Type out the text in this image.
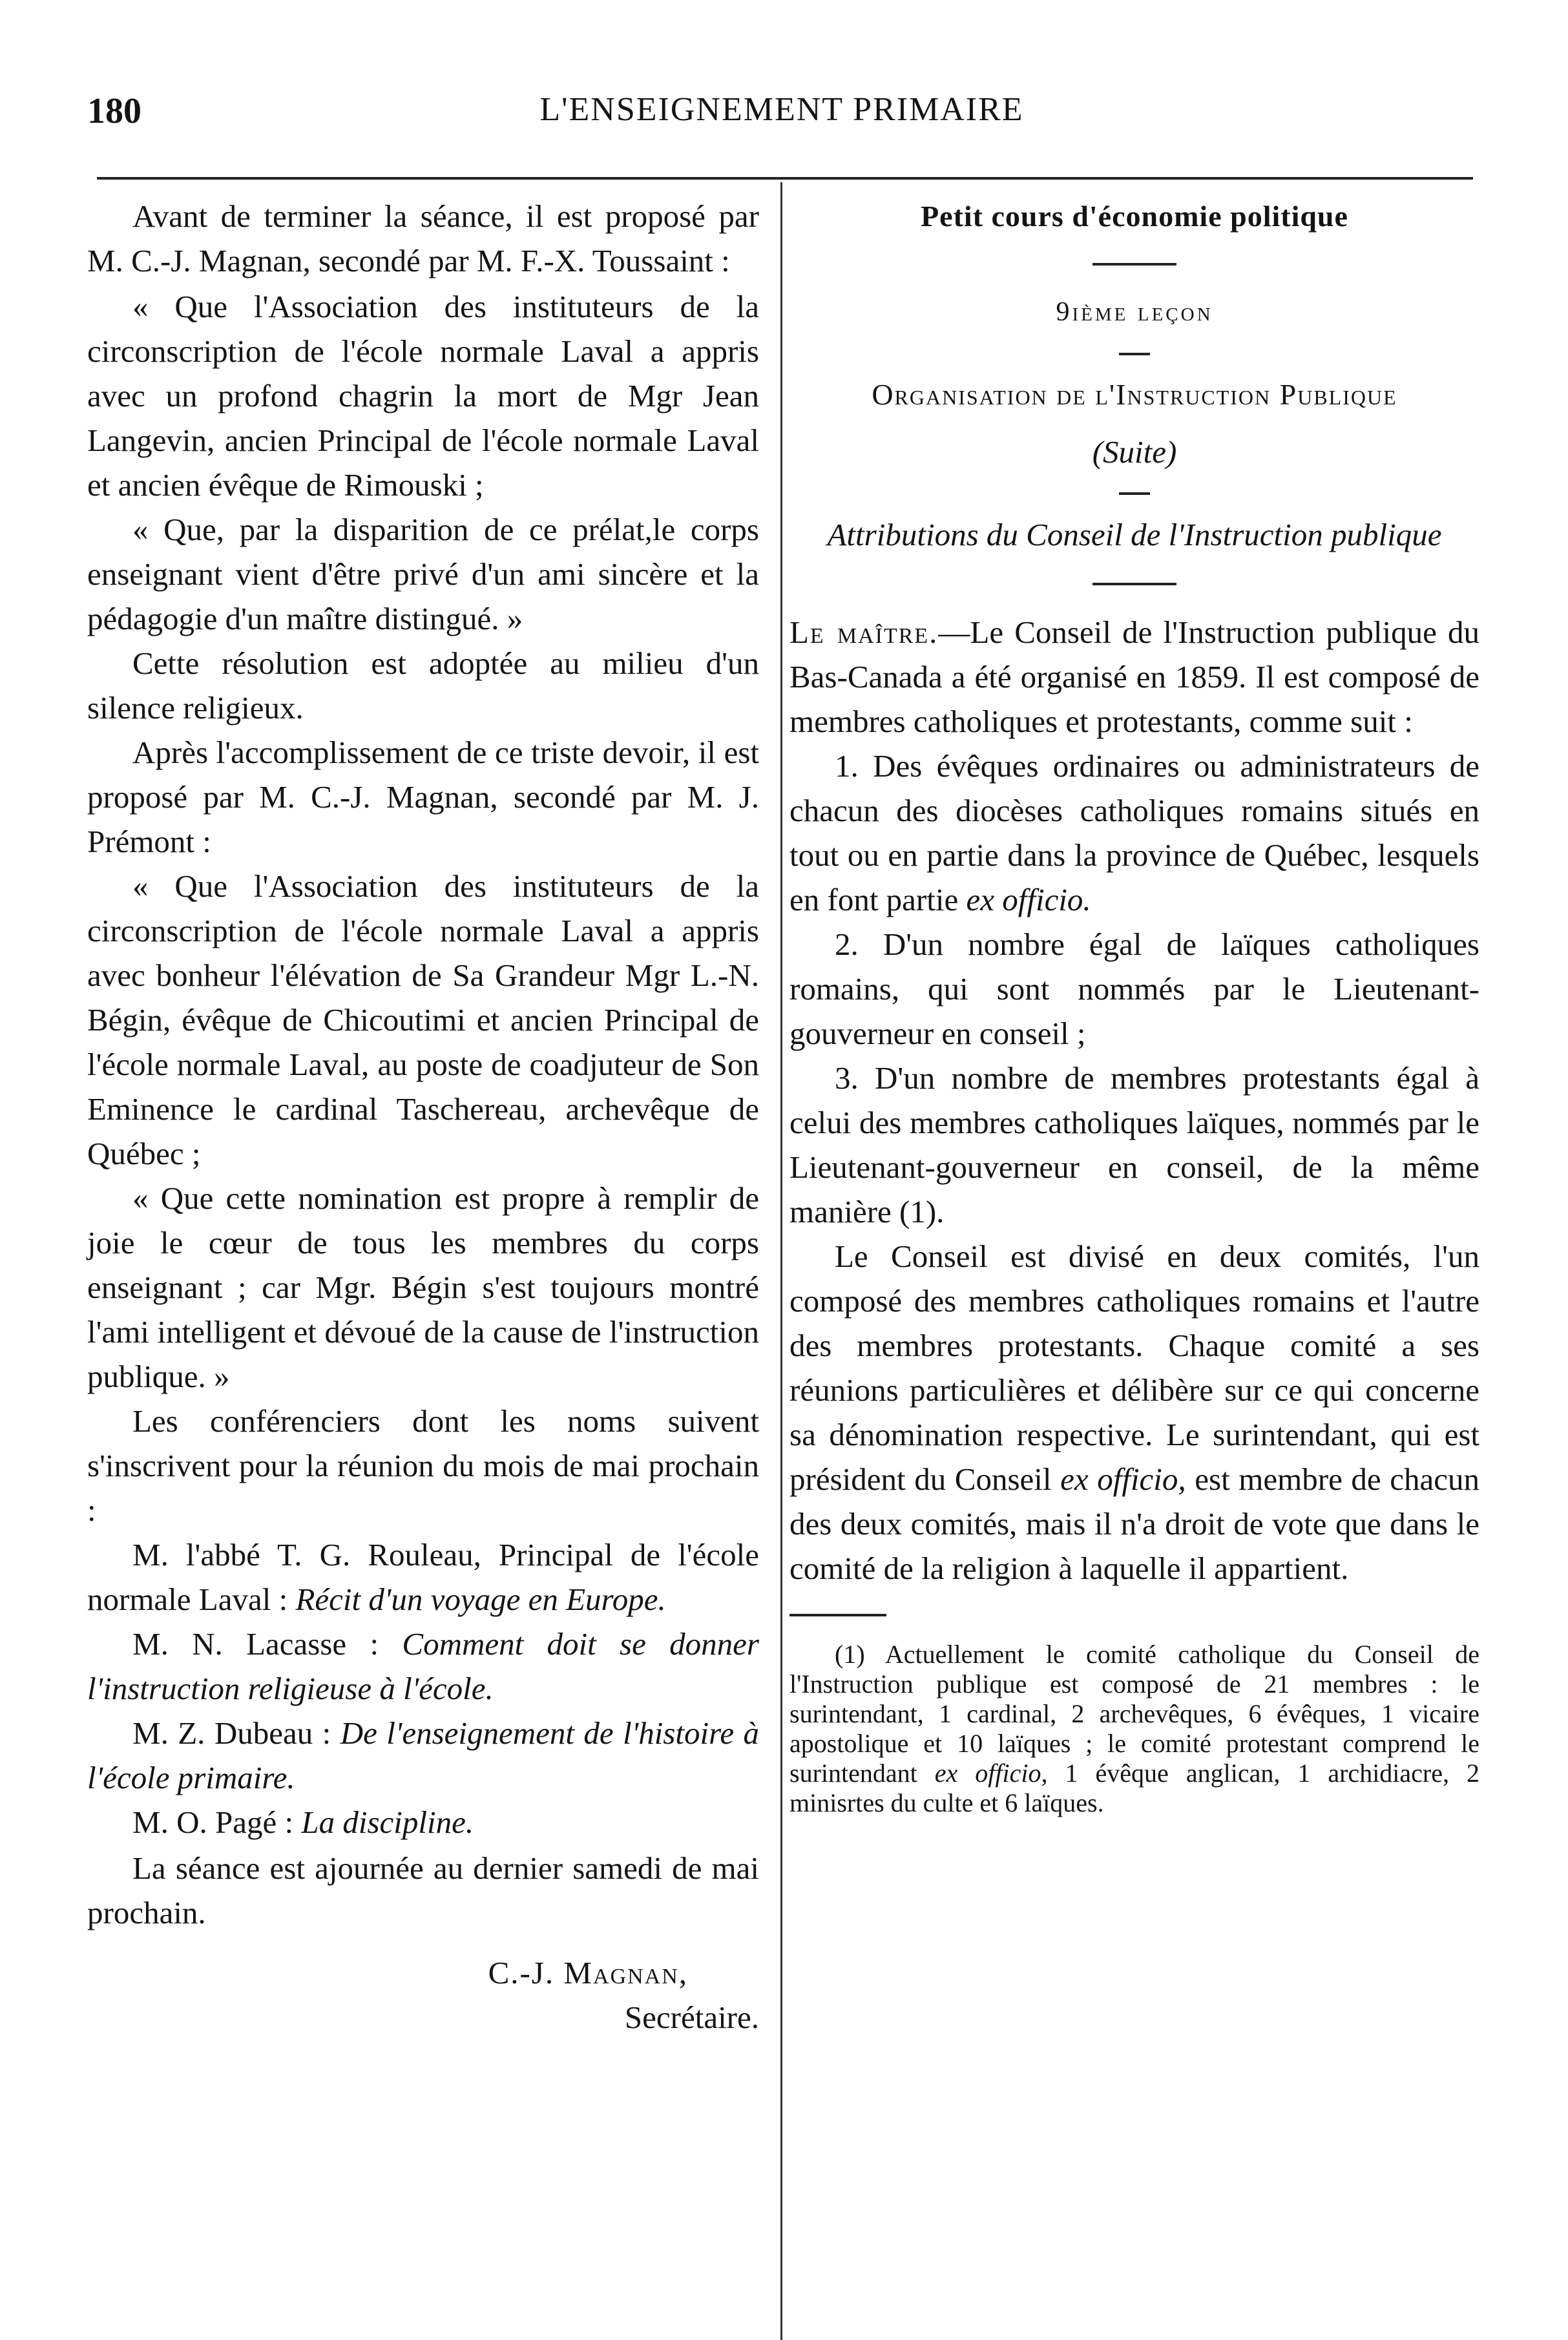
180	L'ENSEIGNEMENT PRIMAIRE

Avant de terminer la séance, il est proposé par M. C.-J. Magnan, secondé par M. F.-X. Toussaint :

« Que l'Association des instituteurs de la circonscription de l'école normale Laval a appris avec un profond chagrin la mort de Mgr Jean Langevin, ancien Principal de l'école normale Laval et ancien évêque de Rimouski ;

« Que, par la disparition de ce prélat,le corps enseignant vient d'être privé d'un ami sincère et la pédagogie d'un maître distingué. »

Cette résolution est adoptée au milieu d'un silence religieux.

Après l'accomplissement de ce triste devoir, il est proposé par M. C.-J. Magnan, secondé par M. J. Prémont :

« Que l'Association des instituteurs de la circonscription de l'école normale Laval a appris avec bonheur l'élévation de Sa Grandeur Mgr L.-N. Bégin, évêque de Chicoutimi et ancien Principal de l'école normale Laval, au poste de coadjuteur de Son Eminence le cardinal Taschereau, archevêque de Québec ;

« Que cette nomination est propre à remplir de joie le cœur de tous les membres du corps enseignant ; car Mgr. Bégin s'est toujours montré l'ami intelligent et dévoué de la cause de l'instruction publique. »

Les conférenciers dont les noms suivent s'inscrivent pour la réunion du mois de mai prochain :

M. l'abbé T. G. Rouleau, Principal de l'école normale Laval : Récit d'un voyage en Europe.

M. N. Lacasse : Comment doit se donner l'instruction religieuse à l'école.

M. Z. Dubeau : De l'enseignement de l'histoire à l'école primaire.

M. O. Pagé : La discipline.

La séance est ajournée au dernier samedi de mai prochain.

C.-J. Magnan,
Secrétaire.
Petit cours d'économie politique
9ième leçon
Organisation de l'Instruction Publique
(Suite)
Attributions du Conseil de l'Instruction publique

Le maître.—Le Conseil de l'Instruction publique du Bas-Canada a été organisé en 1859. Il est composé de membres catholiques et protestants, comme suit :

1. Des évêques ordinaires ou administrateurs de chacun des diocèses catholiques romains situés en tout ou en partie dans la province de Québec, lesquels en font partie ex officio.

2. D'un nombre égal de laïques catholiques romains, qui sont nommés par le Lieutenant-gouverneur en conseil ;

3. D'un nombre de membres protestants égal à celui des membres catholiques laïques, nommés par le Lieutenant-gouverneur en conseil, de la même manière (1).

Le Conseil est divisé en deux comités, l'un composé des membres catholiques romains et l'autre des membres protestants. Chaque comité a ses réunions particulières et délibère sur ce qui concerne sa dénomination respective. Le surintendant, qui est président du Conseil ex officio, est membre de chacun des deux comités, mais il n'a droit de vote que dans le comité de la religion à laquelle il appartient.

(1) Actuellement le comité catholique du Conseil de l'Instruction publique est composé de 21 membres : le surintendant, 1 cardinal, 2 archevêques, 6 évêques, 1 vicaire apostolique et 10 laïques ; le comité protestant comprend le surintendant ex officio, 1 évêque anglican, 1 archidiacre, 2 minisrtes du culte et 6 laïques.
